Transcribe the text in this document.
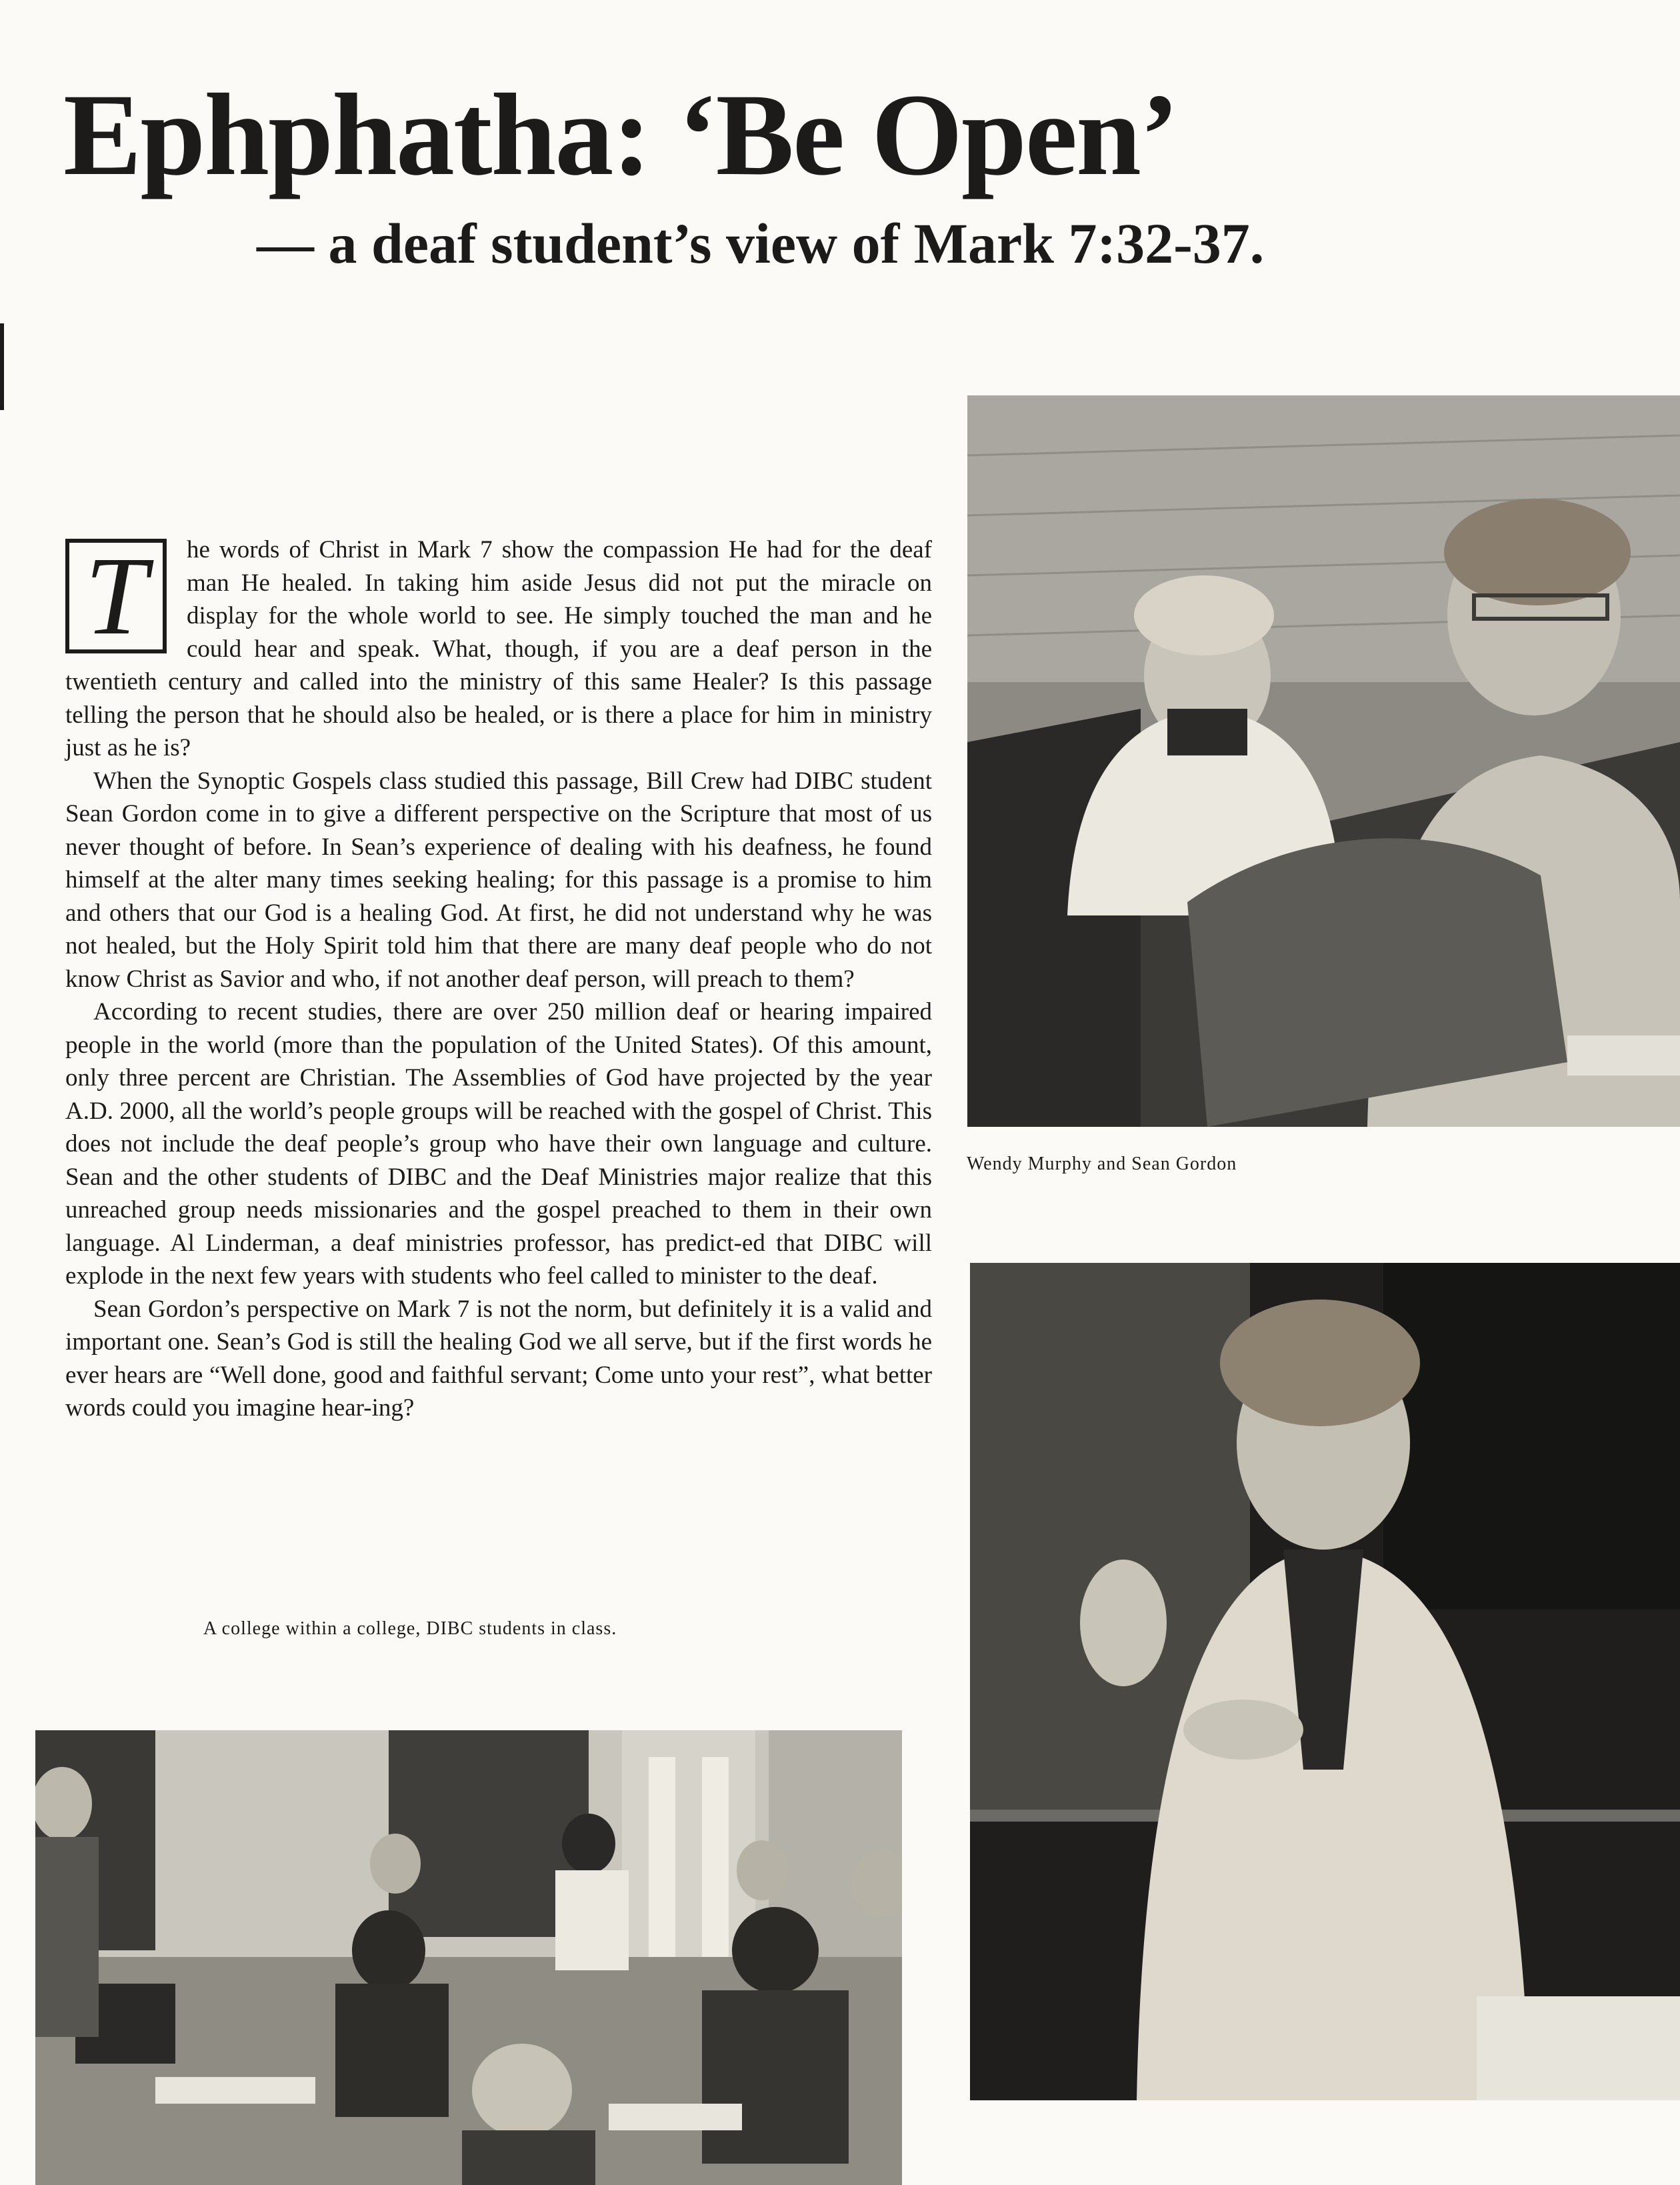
Ephphatha: ‘Be Open’
— a deaf student’s view of Mark 7:32-37.

T	he words of Christ in Mark 7 show the compassion He had for the deaf man He healed. In taking him aside Jesus did not put the miracle on display for the whole world to see. He simply touched the man and he could hear and speak. What, though, if you are a deaf person in the twentieth century and called into the ministry of this same Healer? Is this passage telling the person that he should also be healed, or is there a place for him in ministry just as he is?

When the Synoptic Gospels class studied this passage, Bill Crew had DIBC student Sean Gordon come in to give a different perspective on the Scripture that most of us never thought of before. In Sean’s experience of dealing with his deafness, he found himself at the alter many times seeking healing; for this passage is a promise to him and others that our God is a healing God. At first, he did not understand why he was not healed, but the Holy Spirit told him that there are many deaf people who do not know Christ as Savior and who, if not another deaf person, will preach to them?

According to recent studies, there are over 250 million deaf or hearing impaired people in the world (more than the population of the United States). Of this amount, only three percent are Christian. The Assemblies of God have projected by the year A.D. 2000, all the world’s people groups will be reached with the gospel of Christ. This does not include the deaf people’s group who have their own language and culture. Sean and the other students of DIBC and the Deaf Ministries major realize that this unreached group needs missionaries and the gospel preached to them in their own language. Al Linderman, a deaf ministries professor, has predict-ed that DIBC will explode in the next few years with students who feel called to minister to the deaf.

Sean Gordon’s perspective on Mark 7 is not the norm, but definitely it is a valid and important one. Sean’s God is still the healing God we all serve, but if the first words he ever hears are “Well done, good and faithful servant; Come unto your rest”, what better words could you imagine hear-ing?

Wendy Murphy and Sean Gordon

A college within a college, DIBC students in class.
